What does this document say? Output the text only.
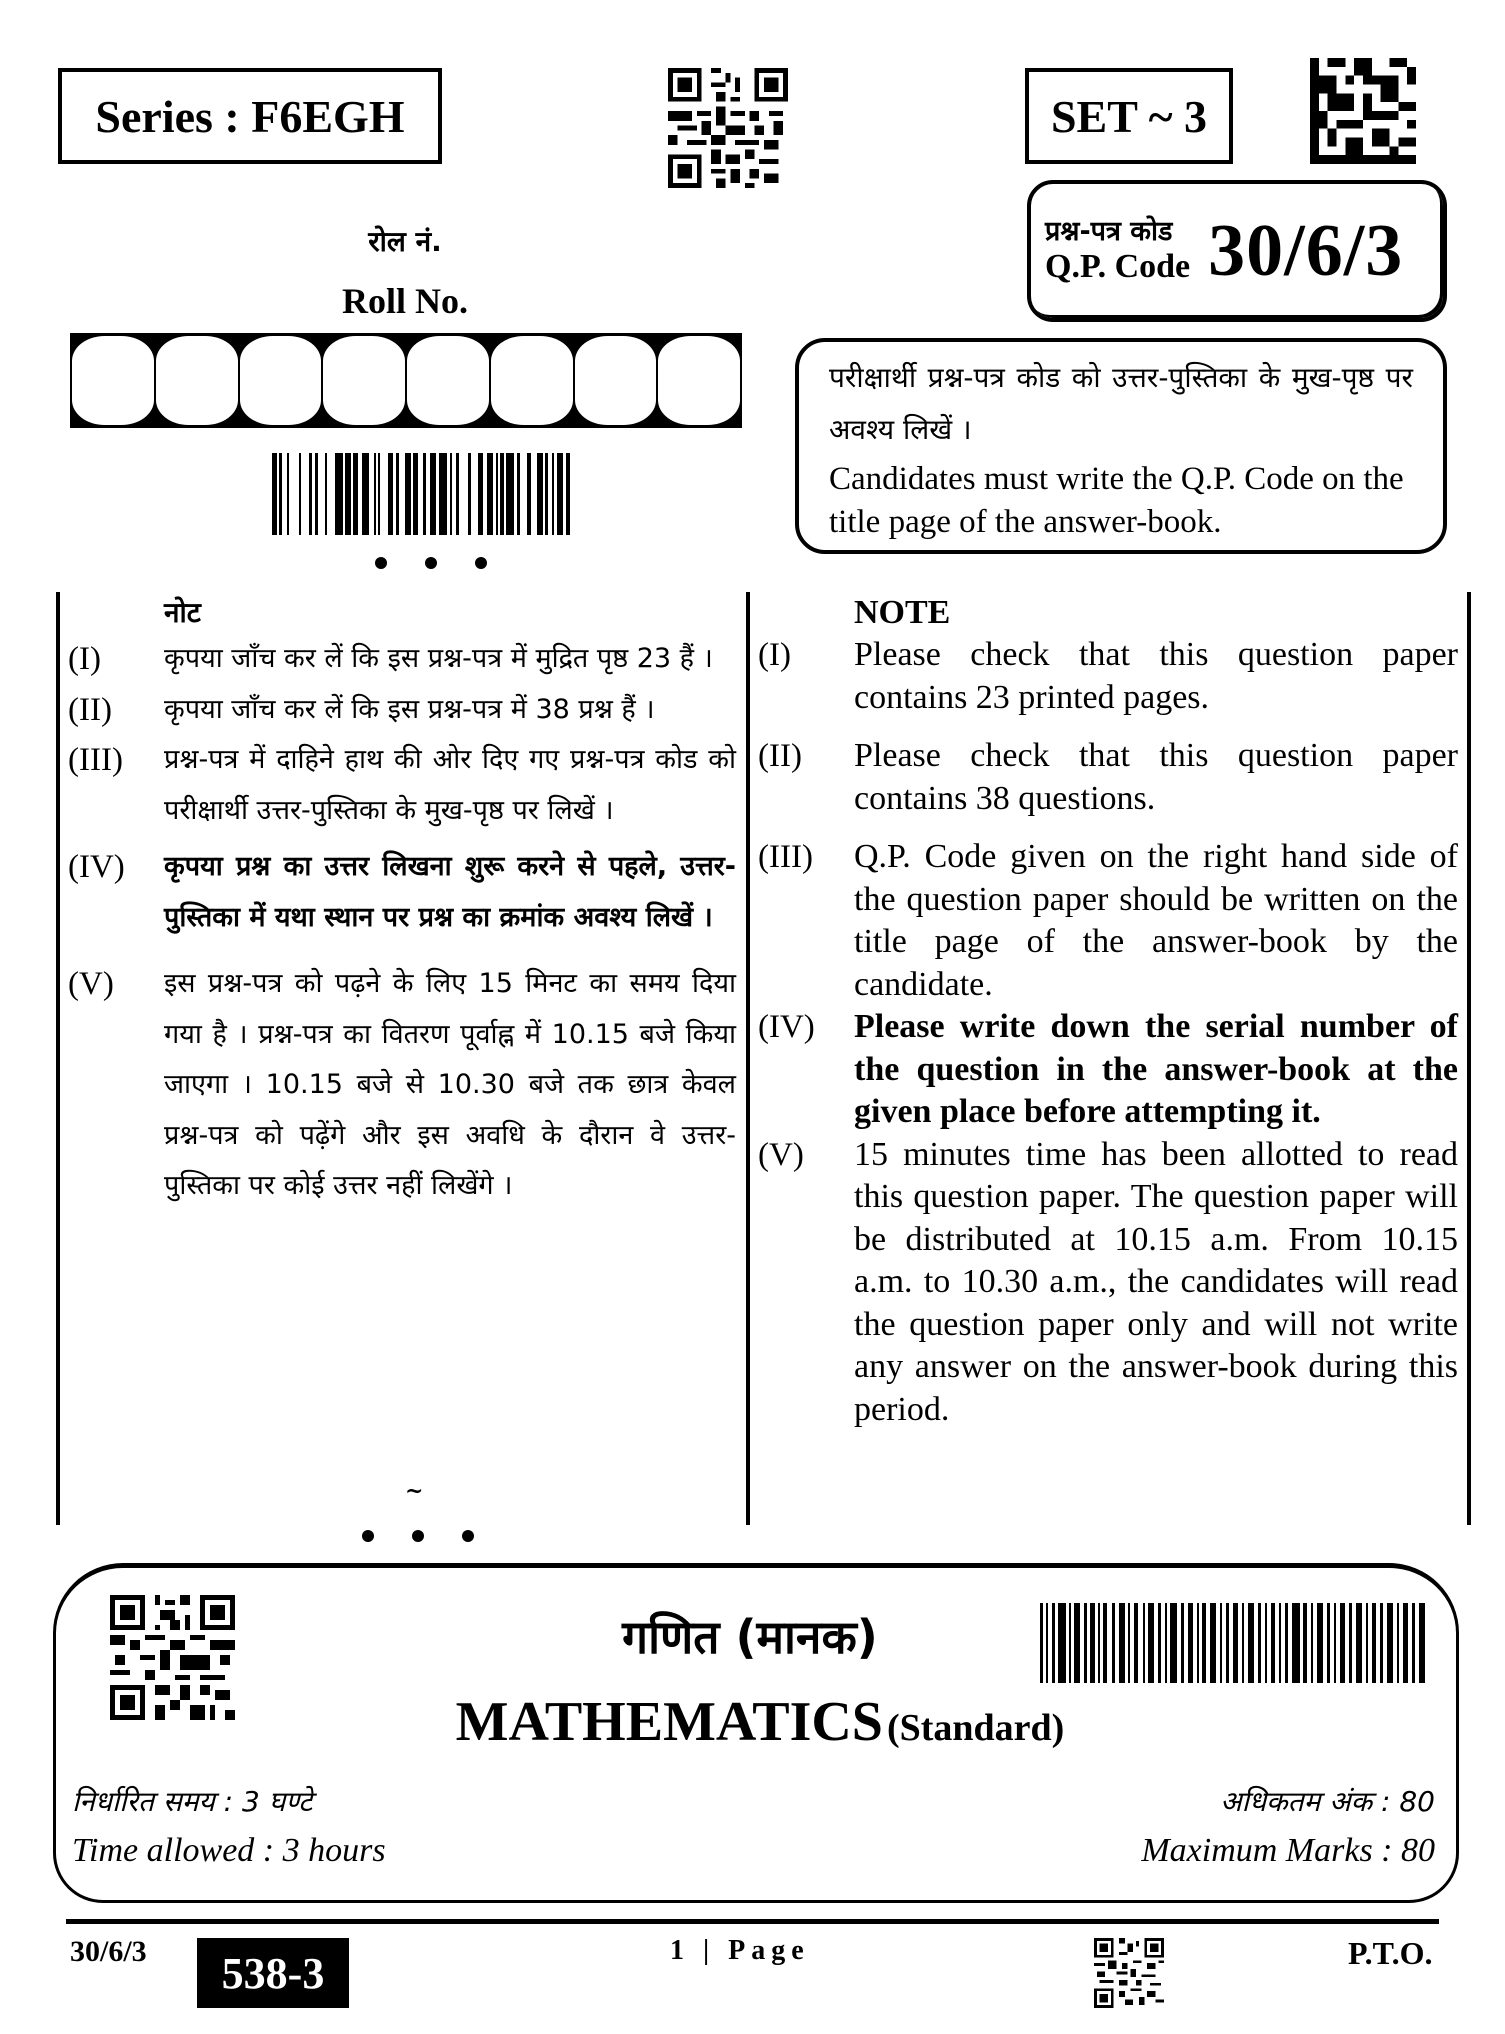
Series : F6EGH	SET ~ 3
प्रश्न-पत्र कोड
Q.P. Code 30/6/3
रोल नं.
Roll No.
परीक्षार्थी प्रश्न-पत्र कोड को उत्तर-पुस्तिका के मुख-पृष्ठ पर अवश्य लिखें ।
Candidates must write the Q.P. Code on the title page of the answer-book.
नोट
(I)	कृपया जाँच कर लें कि इस प्रश्न-पत्र में मुद्रित पृष्ठ 23 हैं ।
(II)	कृपया जाँच कर लें कि इस प्रश्न-पत्र में 38 प्रश्न हैं ।
(III)	प्रश्न-पत्र में दाहिने हाथ की ओर दिए गए प्रश्न-पत्र कोड को परीक्षार्थी उत्तर-पुस्तिका के मुख-पृष्ठ पर लिखें ।
(IV)	कृपया प्रश्न का उत्तर लिखना शुरू करने से पहले, उत्तर-पुस्तिका में यथा स्थान पर प्रश्न का क्रमांक अवश्य लिखें ।
(V)	इस प्रश्न-पत्र को पढ़ने के लिए 15 मिनट का समय दिया गया है । प्रश्न-पत्र का वितरण पूर्वाह्न में 10.15 बजे किया जाएगा । 10.15 बजे से 10.30 बजे तक छात्र केवल प्रश्न-पत्र को पढ़ेंगे और इस अवधि के दौरान वे उत्तर-पुस्तिका पर कोई उत्तर नहीं लिखेंगे ।
NOTE
(I)	Please check that this question paper contains 23 printed pages.
(II)	Please check that this question paper contains 38 questions.
(III)	Q.P. Code given on the right hand side of the question paper should be written on the title page of the answer-book by the candidate.
(IV)	Please write down the serial number of the question in the answer-book at the given place before attempting it.
(V)	15 minutes time has been allotted to read this question paper. The question paper will be distributed at 10.15 a.m. From 10.15 a.m. to 10.30 a.m., the candidates will read the question paper only and will not write any answer on the answer-book during this period.
~
गणित (मानक)
MATHEMATICS (Standard)
निर्धारित समय : 3 घण्टे
Time allowed : 3 hours
अधिकतम अंक : 80
Maximum Marks : 80
30/6/3 538-3	1 | Page	P.T.O.
